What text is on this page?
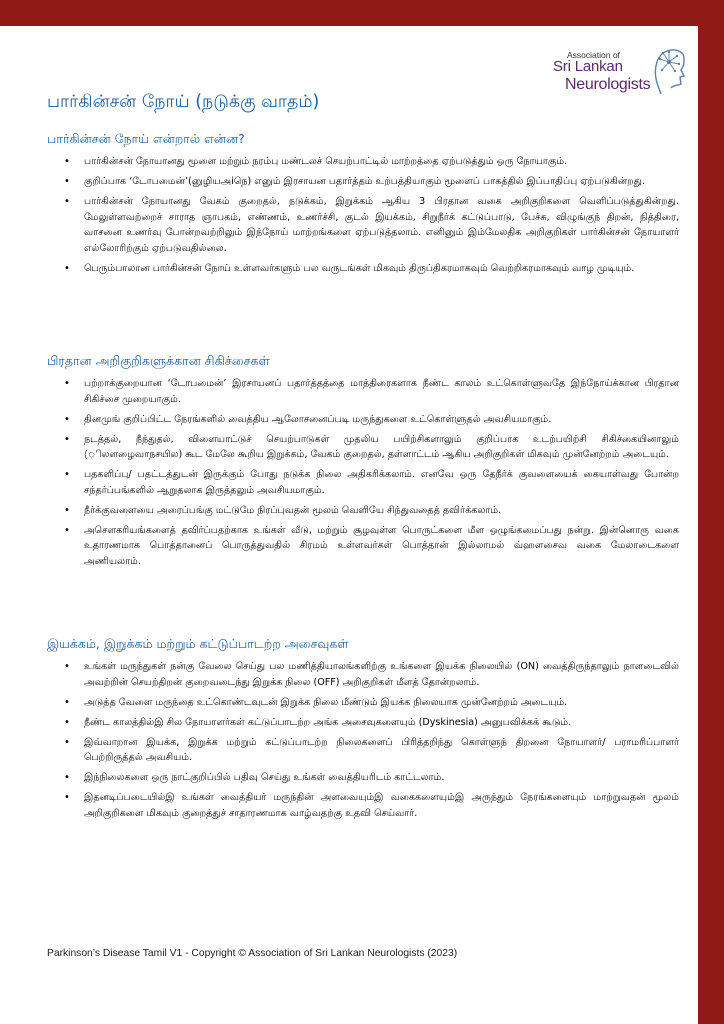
Association of
Sri Lankan
Neurologists
பார்கின்சன் நோய் (நடுக்கு வாதம்)
பார்கின்சன் நோய் என்றால் என்ன?
• பார்கின்சன் நோயானது மூளை மற்றும் நரம்பு மண்டலச் செயற்பாட்டில் மாற்றத்தை ஏற்படுத்தும் ஒரு நோயாகும்.
• குறிப்பாக ‘டோபமைன்’(னுழியஅiநெ) எனும் இரசாயன பதார்த்தம் உற்பத்தியாகும் மூளைப் பாகத்தில் இப்பாதிப்பு ஏற்படுகின்றது.
• பார்கின்சன் நோயானது வேகம் குறைதல், நடுக்கம், இறுக்கம் ஆகிய 3 பிரதான வகை அறிகுறிகளை வெளிப்படுத்துகின்றது. மேலுள்ளவற்றைச் சாராத ஞாபகம், எண்ணம், உணர்ச்சி, குடல் இயக்கம், சிறுநீர்க் கட்டுப்பாடு, பேச்சு, விழுங்குந் திறன், நித்திரை, வாசனை உணர்வு போன்றவற்றிலும் இந்நோய் மாற்றங்களை ஏற்படுத்தலாம். எனினும் இம்மேலதிக அறிகுறிகள் பார்கின்சன் நோயாளர் எல்லோரிற்கும் ஏற்படுவதில்லை.
• பெரும்பாலான பார்கின்சன் நோய் உள்ளவர்களும் பல வருடங்கள் மிகவும் திருப்திகரமாகவும் வெற்றிகரமாகவும் வாழ முடியும்.
பிரதான அறிகுறிகளுக்கான சிகிச்சைகள்
• பற்றாக்குறையான ‘டோபமைன்’ இரசாயனப் பதார்த்தத்தை மாத்திரைகளாக நீண்ட காலம் உட்கொள்ளுவதே இந்நோய்க்கான பிரதான சிகிச்சை முறையாகும்.
• தினமுங் குறிப்பிட்ட நேரங்களில் வைத்திய ஆலோசனைப்படி மருந்துகளை உட்கொள்ளுதல் அவசியமாகும்.
• நடத்தல், நீந்துதல், விளையாட்டுச் செயற்பாடுகள் முதலிய பயிற்சிகளாலும் குறிப்பாக உடற்பயிற்சி சிகிச்கையினாலும் (ிலளழைவாநசயில) கூட மேலே கூறிய இறுக்கம், வேகம் குறைதல், தள்ளாட்டம் ஆகிய அறிகுறிகள் மிகவும் முன்னேற்றம் அடையும்.
• பதகளிப்பு/ பதட்டத்துடன் இருக்கும் போது நடுக்க நிலை அதிகரிக்கலாம். எனவே ஒரு தேநீர்க் குவளையைக் கையாள்வது போன்ற சந்தர்ப்பங்களில் ஆறுதலாக இருத்தலும் அவசியமாகும்.
• நீர்க்குவளையை அரைப்பங்கு மட்டுமே நிரப்புவதன் மூலம் வெளியே சிந்துவதைத் தவிர்க்கலாம்.
• அசௌகரியங்களைத் தவிர்ப்பதற்காக உங்கள் வீடு, மற்றும் சூழவுள்ள பொருட்களை மீள ஒழுங்கமைப்பது நன்று. இன்னொரு வகை உதாரணமாக பொத்தானைப் பொருத்துவதில் சிரமம் உள்ளவர்கள் பொத்தான் இல்லாமல் வ்ஹளசைவ வகை மேலாடைகளை அணியலாம்.
இயக்கம், இறுக்கம் மற்றும் கட்டுப்பாடற்ற அசைவுகள்
• உங்கள் மருந்துகள் நன்கு வேலை செய்து பல மணித்தியாலங்களிற்கு உங்களை இயக்க நிலையில் (ON) வைத்திருந்தாலும் நாளடைவில் அவற்றின் செயற்திறன் குறைவடைந்து இறுக்க நிலை (OFF) அறிகுறிகள் மீளத் தோன்றலாம்.
• அடுத்த வேளை மருந்தை உட்கொண்டவுடன் இறுக்க நிலை மீண்டும் இயக்க நிலையாக முன்னேற்றம் அடையும்.
• நீண்ட காலத்தில்இ சில நோயாளர்கள் கட்டுப்பாடற்ற அங்க அசைவுகளையும் (Dyskinesia) அனுபவிக்கக் கூடும்.
• இவ்வாறான இயக்க, இறுக்க மற்றும் கட்டுப்பாடற்ற நிலைகளைப் பிரித்தறிந்து கொள்ளுந் திறனை நோயாளர்/ பராமரிப்பாளர் பெற்றிருத்தல் அவசியம்.
• இந்நிலைகளை ஒரு நாட்குறிப்பில் பதிவு செய்து உங்கள் வைத்தியரிடம் காட்டலாம்.
• இதனடிப்படையில்இ உங்கள் வைத்தியர் மருந்தின் அளவையும்இ வகைகளையும்இ அருந்தும் நேரங்களையும் மாற்றுவதன் மூலம் அறிகுறிகளை மிகவும் குறைத்துச் சாதாரணமாக வாழ்வதற்கு உதவி செய்வார்.
Parkinson’s Disease Tamil V1 - Copyright © Association of Sri Lankan Neurologists (2023)
